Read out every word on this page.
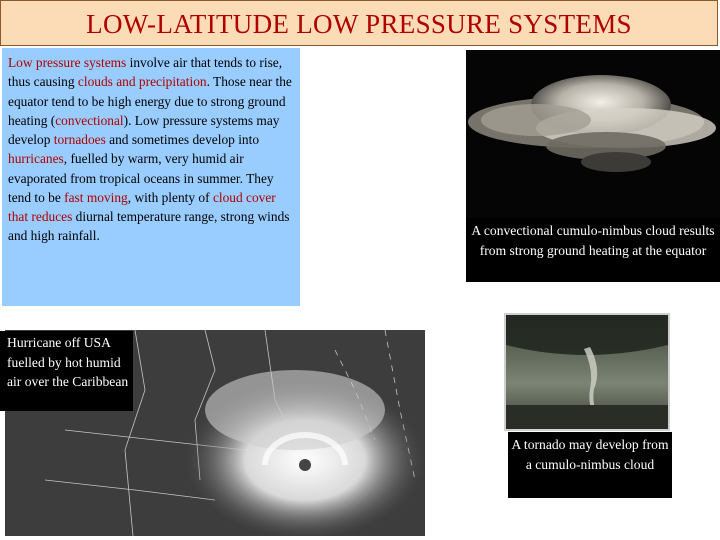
LOW-LATITUDE LOW PRESSURE SYSTEMS
Low pressure systems involve air that tends to rise, thus causing clouds and precipitation. Those near the equator tend to be high energy due to strong ground heating (convectional). Low pressure systems may develop tornadoes and sometimes develop into hurricanes, fuelled by warm, very humid air evaporated from tropical oceans in summer. They tend to be fast moving, with plenty of cloud cover that reduces diurnal temperature range, strong winds and high rainfall.	A convectional cumulo-nimbus cloud results from strong ground heating at the equator
Hurricane off USA fuelled by hot humid air over the Caribbean
A tornado may develop from a cumulo-nimbus cloud
